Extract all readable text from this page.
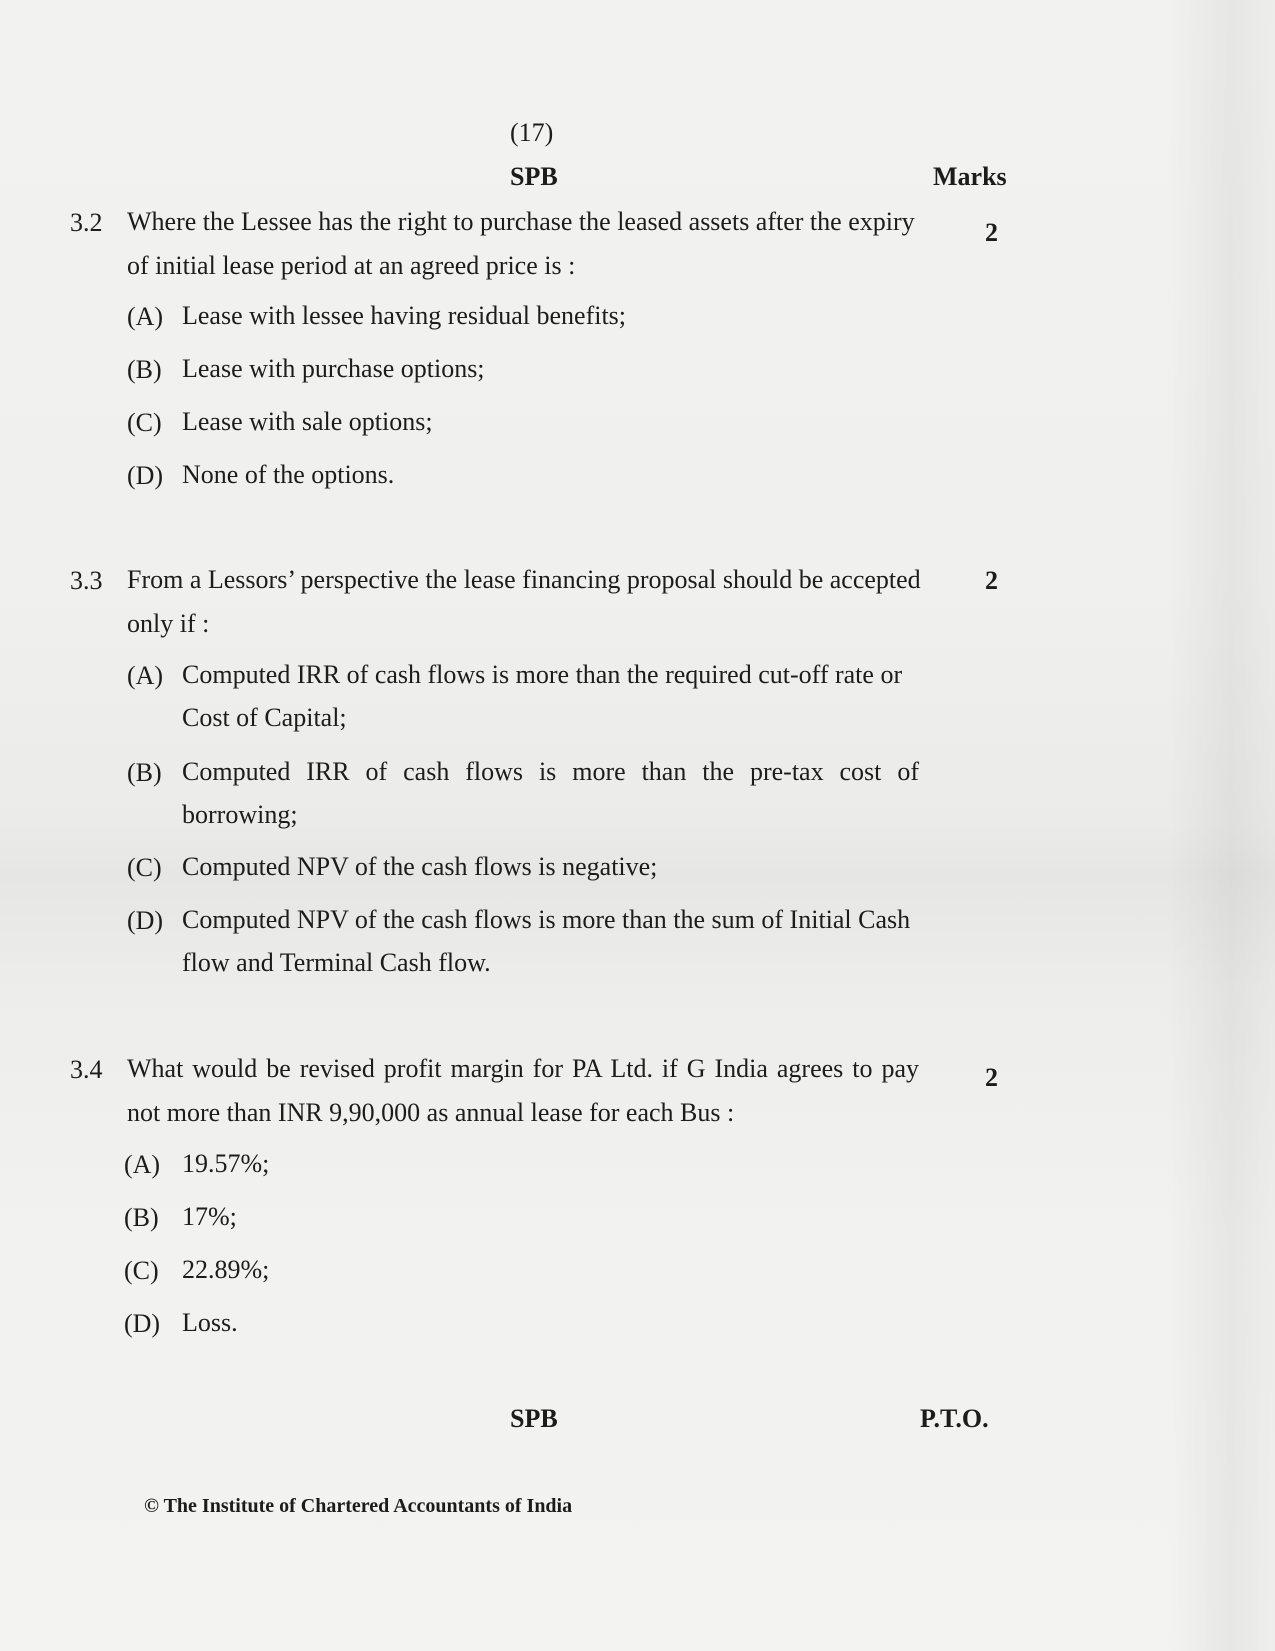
(17)
SPB	Marks
3.2 Where the Lessee has the right to purchase the leased assets after the expiry
of initial lease period at an agreed price is :
2
(A) Lease with lessee having residual benefits;
(B) Lease with purchase options;
(C) Lease with sale options;
(D) None of the options.
3.3 From a Lessors’ perspective the lease financing proposal should be accepted
only if :
2
(A) Computed IRR of cash flows is more than the required cut-off rate or
Cost of Capital;
(B) Computed IRR of cash flows is more than the pre-tax cost of
borrowing;
(C) Computed NPV of the cash flows is negative;
(D) Computed NPV of the cash flows is more than the sum of Initial Cash
flow and Terminal Cash flow.
3.4 What would be revised profit margin for PA Ltd. if G India agrees to pay
not more than INR 9,90,000 as annual lease for each Bus :
2
(A) 19.57%;
(B) 17%;
(C) 22.89%;
(D) Loss.
SPB	P.T.O.
© The Institute of Chartered Accountants of India
